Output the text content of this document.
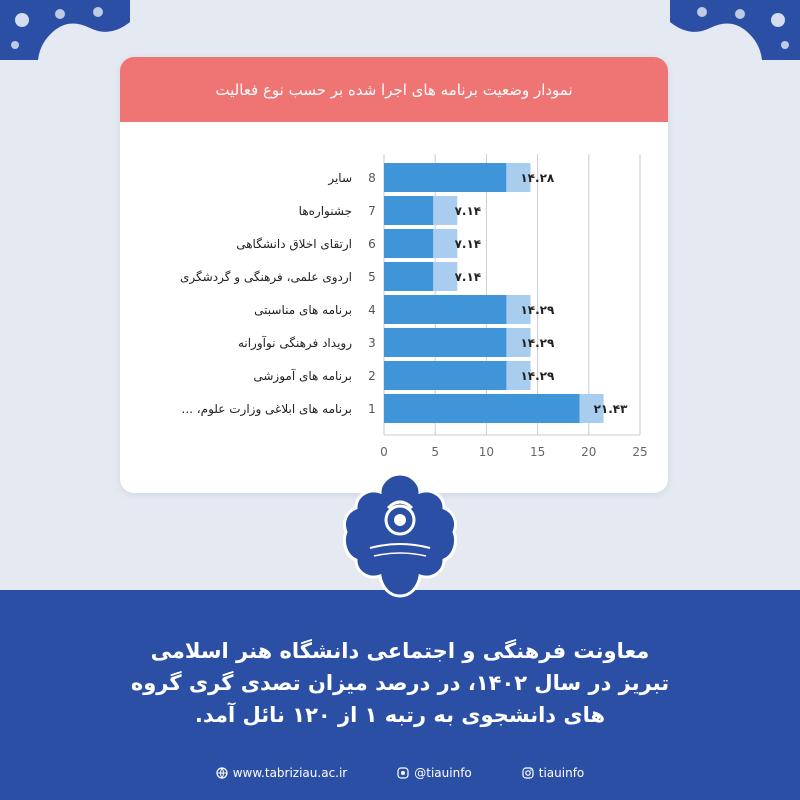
نمودار وضعیت برنامه های اجرا شده بر حسب نوع فعالیت
0	5	10	15	20	25
۱۴.۲۸
8
سایر
۷.۱۴
7
جشنواره‌ها
۷.۱۴
6
ارتقای اخلاق دانشگاهی
۷.۱۴
5
اردوی علمی، فرهنگی و گردشگری
۱۴.۲۹
4
برنامه های مناسبتی
۱۴.۲۹
3
رویداد فرهنگی نوآورانه
۱۴.۲۹
2
برنامه های آموزشی
۲۱.۴۳
1
برنامه های ابلاغی وزارت علوم، ...
معاونت فرهنگی و اجتماعی دانشگاه هنر اسلامی تبریز در سال ۱۴۰۲، در درصد میزان تصدی گری گروه های دانشجوی به رتبه ۱ از ۱۲۰ نائل آمد.
www.tabriziau.ac.ir	@tiauinfo	tiauinfo
